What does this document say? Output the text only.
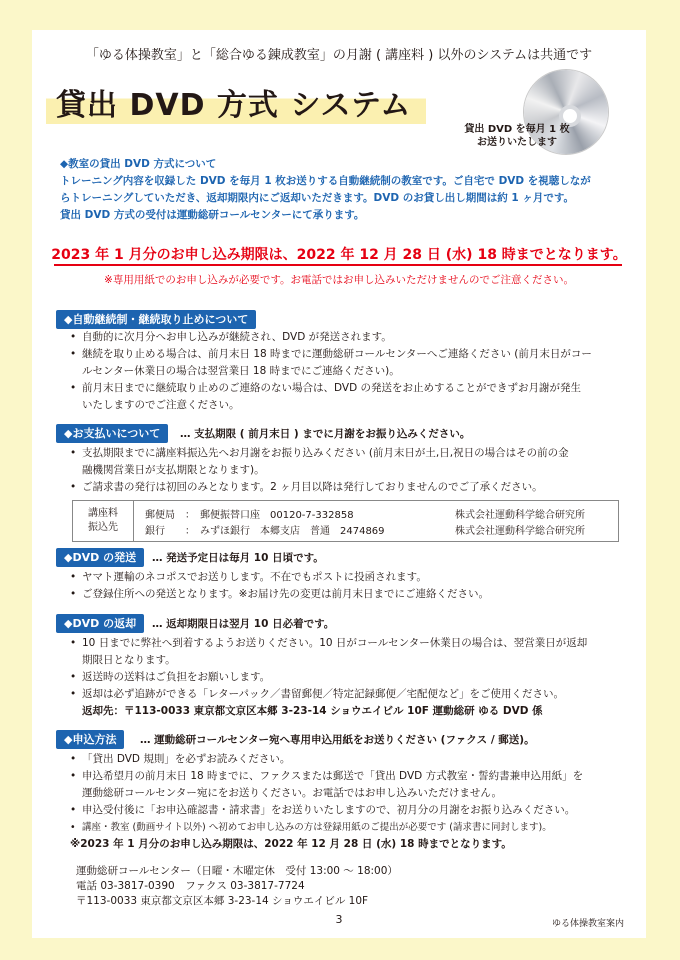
「ゆる体操教室」と「総合ゆる錬成教室」の月謝 ( 講座料 ) 以外のシステムは共通です
貸出 DVD 方式 システム
貸出 DVD を毎月 1 枚
お送りいたします
◆教室の貸出 DVD 方式について
トレーニング内容を収録した DVD を毎月 1 枚お送りする自動継続制の教室です。ご自宅で DVD を視聴しなが
らトレーニングしていただき、返却期限内にご返却いただきます。DVD のお貸し出し期間は約 1 ヶ月です。
貸出 DVD 方式の受付は運動総研コールセンターにて承ります。
2023 年 1 月分のお申し込み期限は、2022 年 12 月 28 日 (水) 18 時までとなります。
※専用用紙でのお申し込みが必要です。お電話ではお申し込みいただけませんのでご注意ください。
◆自動継続制・継続取り止めについて
• 自動的に次月分へお申し込みが継続され、DVD が発送されます。
• 継続を取り止める場合は、前月末日 18 時までに運動総研コールセンターへご連絡ください (前月末日がコー
ルセンター休業日の場合は翌営業日 18 時までにご連絡ください)。
• 前月末日までに継続取り止めのご連絡のない場合は、DVD の発送をお止めすることができずお月謝が発生
いたしますのでご注意ください。
◆お支払いについて	… 支払期限 ( 前月末日 ) までに月謝をお振り込みください。
• 支払期限までに講座料振込先へお月謝をお振り込みください (前月末日が土,日,祝日の場合はその前の金
融機関営業日が支払期限となります)。
• ご請求書の発行は初回のみとなります。2 ヶ月目以降は発行しておりませんのでご了承ください。
講座料
振込先
郵便局　：　郵便振替口座　00120-7-332858	株式会社運動科学総合研究所
銀行　　：　みずほ銀行　本郷支店　普通　2474869	株式会社運動科学総合研究所
◆DVD の発送	… 発送予定日は毎月 10 日頃です。
• ヤマト運輸のネコポスでお送りします。不在でもポストに投函されます。
• ご登録住所への発送となります。※お届け先の変更は前月末日までにご連絡ください。
◆DVD の返却	… 返却期限日は翌月 10 日必着です。
• 10 日までに弊社へ到着するようお送りください。10 日がコールセンター休業日の場合は、翌営業日が返却
期限日となります。
• 返送時の送料はご負担をお願いします。
• 返却は必ず追跡ができる「レターパック／書留郵便／特定記録郵便／宅配便など」をご使用ください。
返却先：〒113-0033 東京都文京区本郷 3-23-14 ショウエイビル 10F 運動総研 ゆる DVD 係
◆申込方法	… 運動総研コールセンター宛へ専用申込用紙をお送りください (ファクス / 郵送)。
• 「貸出 DVD 規則」を必ずお読みください。
• 申込希望月の前月末日 18 時までに、ファクスまたは郵送で「貸出 DVD 方式教室・誓約書兼申込用紙」を
運動総研コールセンター宛にをお送りください。お電話ではお申し込みいただけません。
• 申込受付後に「お申込確認書・請求書」をお送りいたしますので、初月分の月謝をお振り込みください。
• 講座・教室 (動画サイト以外) へ初めてお申し込みの方は登録用紙のご提出が必要です (請求書に同封します)。
※2023 年 1 月分のお申し込み期限は、2022 年 12 月 28 日 (水) 18 時までとなります。
運動総研コールセンター（日曜・木曜定休　受付 13:00 ～ 18:00）
電話 03-3817-0390　ファクス 03-3817-7724
〒113-0033 東京都文京区本郷 3-23-14 ショウエイビル 10F
3	ゆる体操教室案内
